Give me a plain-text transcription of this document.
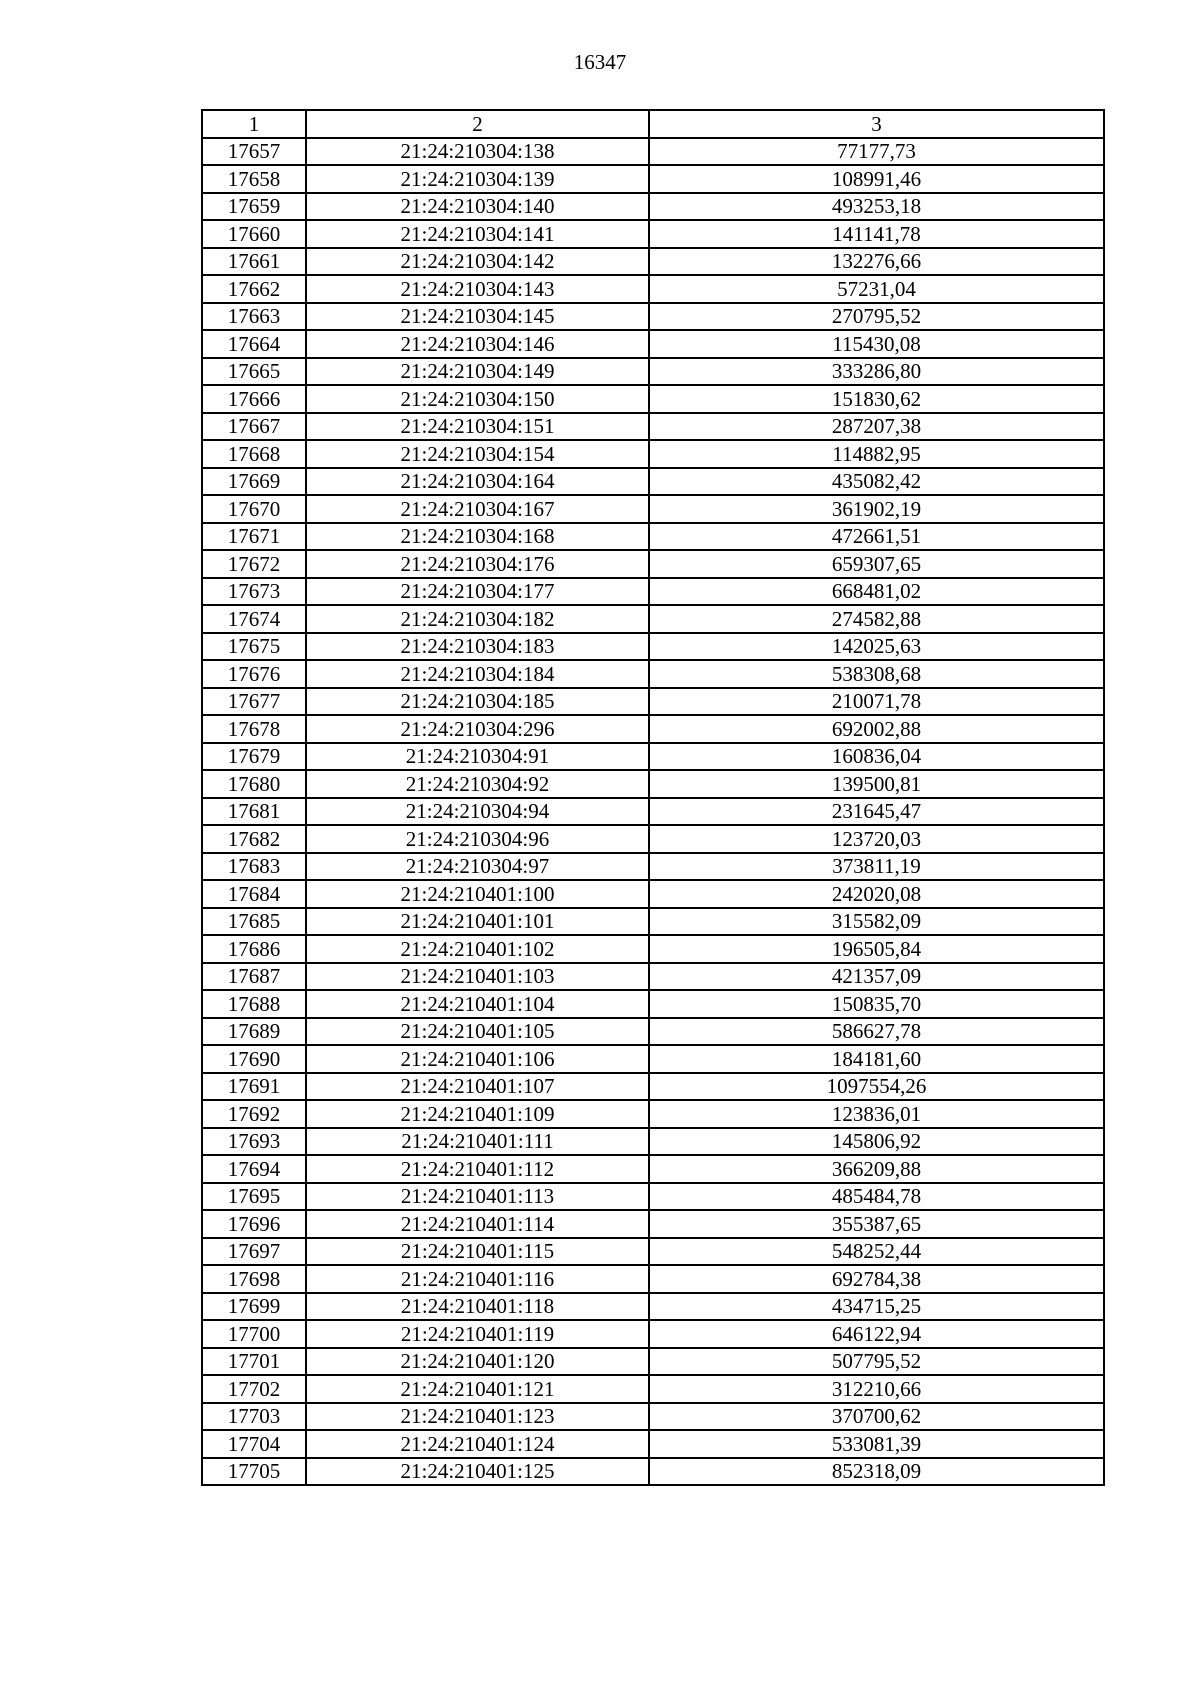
16347
1	2	3
17657	21:24:210304:138	77177,73
17658	21:24:210304:139	108991,46
17659	21:24:210304:140	493253,18
17660	21:24:210304:141	141141,78
17661	21:24:210304:142	132276,66
17662	21:24:210304:143	57231,04
17663	21:24:210304:145	270795,52
17664	21:24:210304:146	115430,08
17665	21:24:210304:149	333286,80
17666	21:24:210304:150	151830,62
17667	21:24:210304:151	287207,38
17668	21:24:210304:154	114882,95
17669	21:24:210304:164	435082,42
17670	21:24:210304:167	361902,19
17671	21:24:210304:168	472661,51
17672	21:24:210304:176	659307,65
17673	21:24:210304:177	668481,02
17674	21:24:210304:182	274582,88
17675	21:24:210304:183	142025,63
17676	21:24:210304:184	538308,68
17677	21:24:210304:185	210071,78
17678	21:24:210304:296	692002,88
17679	21:24:210304:91	160836,04
17680	21:24:210304:92	139500,81
17681	21:24:210304:94	231645,47
17682	21:24:210304:96	123720,03
17683	21:24:210304:97	373811,19
17684	21:24:210401:100	242020,08
17685	21:24:210401:101	315582,09
17686	21:24:210401:102	196505,84
17687	21:24:210401:103	421357,09
17688	21:24:210401:104	150835,70
17689	21:24:210401:105	586627,78
17690	21:24:210401:106	184181,60
17691	21:24:210401:107	1097554,26
17692	21:24:210401:109	123836,01
17693	21:24:210401:111	145806,92
17694	21:24:210401:112	366209,88
17695	21:24:210401:113	485484,78
17696	21:24:210401:114	355387,65
17697	21:24:210401:115	548252,44
17698	21:24:210401:116	692784,38
17699	21:24:210401:118	434715,25
17700	21:24:210401:119	646122,94
17701	21:24:210401:120	507795,52
17702	21:24:210401:121	312210,66
17703	21:24:210401:123	370700,62
17704	21:24:210401:124	533081,39
17705	21:24:210401:125	852318,09
